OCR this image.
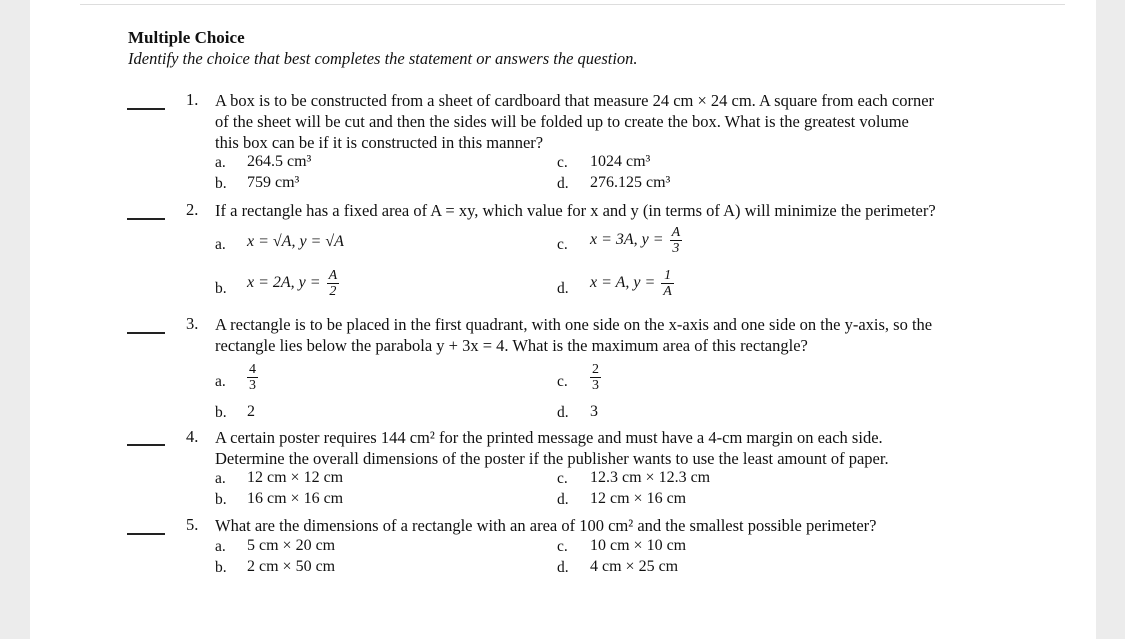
Multiple Choice
Identify the choice that best completes the statement or answers the question.
1. A box is to be constructed from a sheet of cardboard that measure 24 cm × 24 cm. A square from each corner
of the sheet will be cut and then the sides will be folded up to create the box. What is the greatest volume
this box can be if it is constructed in this manner?
a. 264.5 cm³	c. 1024 cm³
b. 759 cm³	d. 276.125 cm³
2. If a rectangle has a fixed area of A = xy, which value for x and y (in terms of A) will minimize the perimeter?
a. x = √A, y = √A	c. x = 3A, $y = \frac{A}{3}$
b. x = 2A, $y = \frac{A}{2}$	d. x = A, $y = \frac{1}{A}$
3. A rectangle is to be placed in the first quadrant, with one side on the x-axis and one side on the y-axis, so the
rectangle lies below the parabola y + 3x = 4. What is the maximum area of this rectangle?
a. $\frac{4}{3}$	c. $\frac{2}{3}$
b. 2	d. 3
4. A certain poster requires 144 cm² for the printed message and must have a 4-cm margin on each side.
Determine the overall dimensions of the poster if the publisher wants to use the least amount of paper.
a. 12 cm × 12 cm	c. 12.3 cm × 12.3 cm
b. 16 cm × 16 cm	d. 12 cm × 16 cm
5. What are the dimensions of a rectangle with an area of 100 cm² and the smallest possible perimeter?
a. 5 cm × 20 cm	c. 10 cm × 10 cm
b. 2 cm × 50 cm	d. 4 cm × 25 cm
